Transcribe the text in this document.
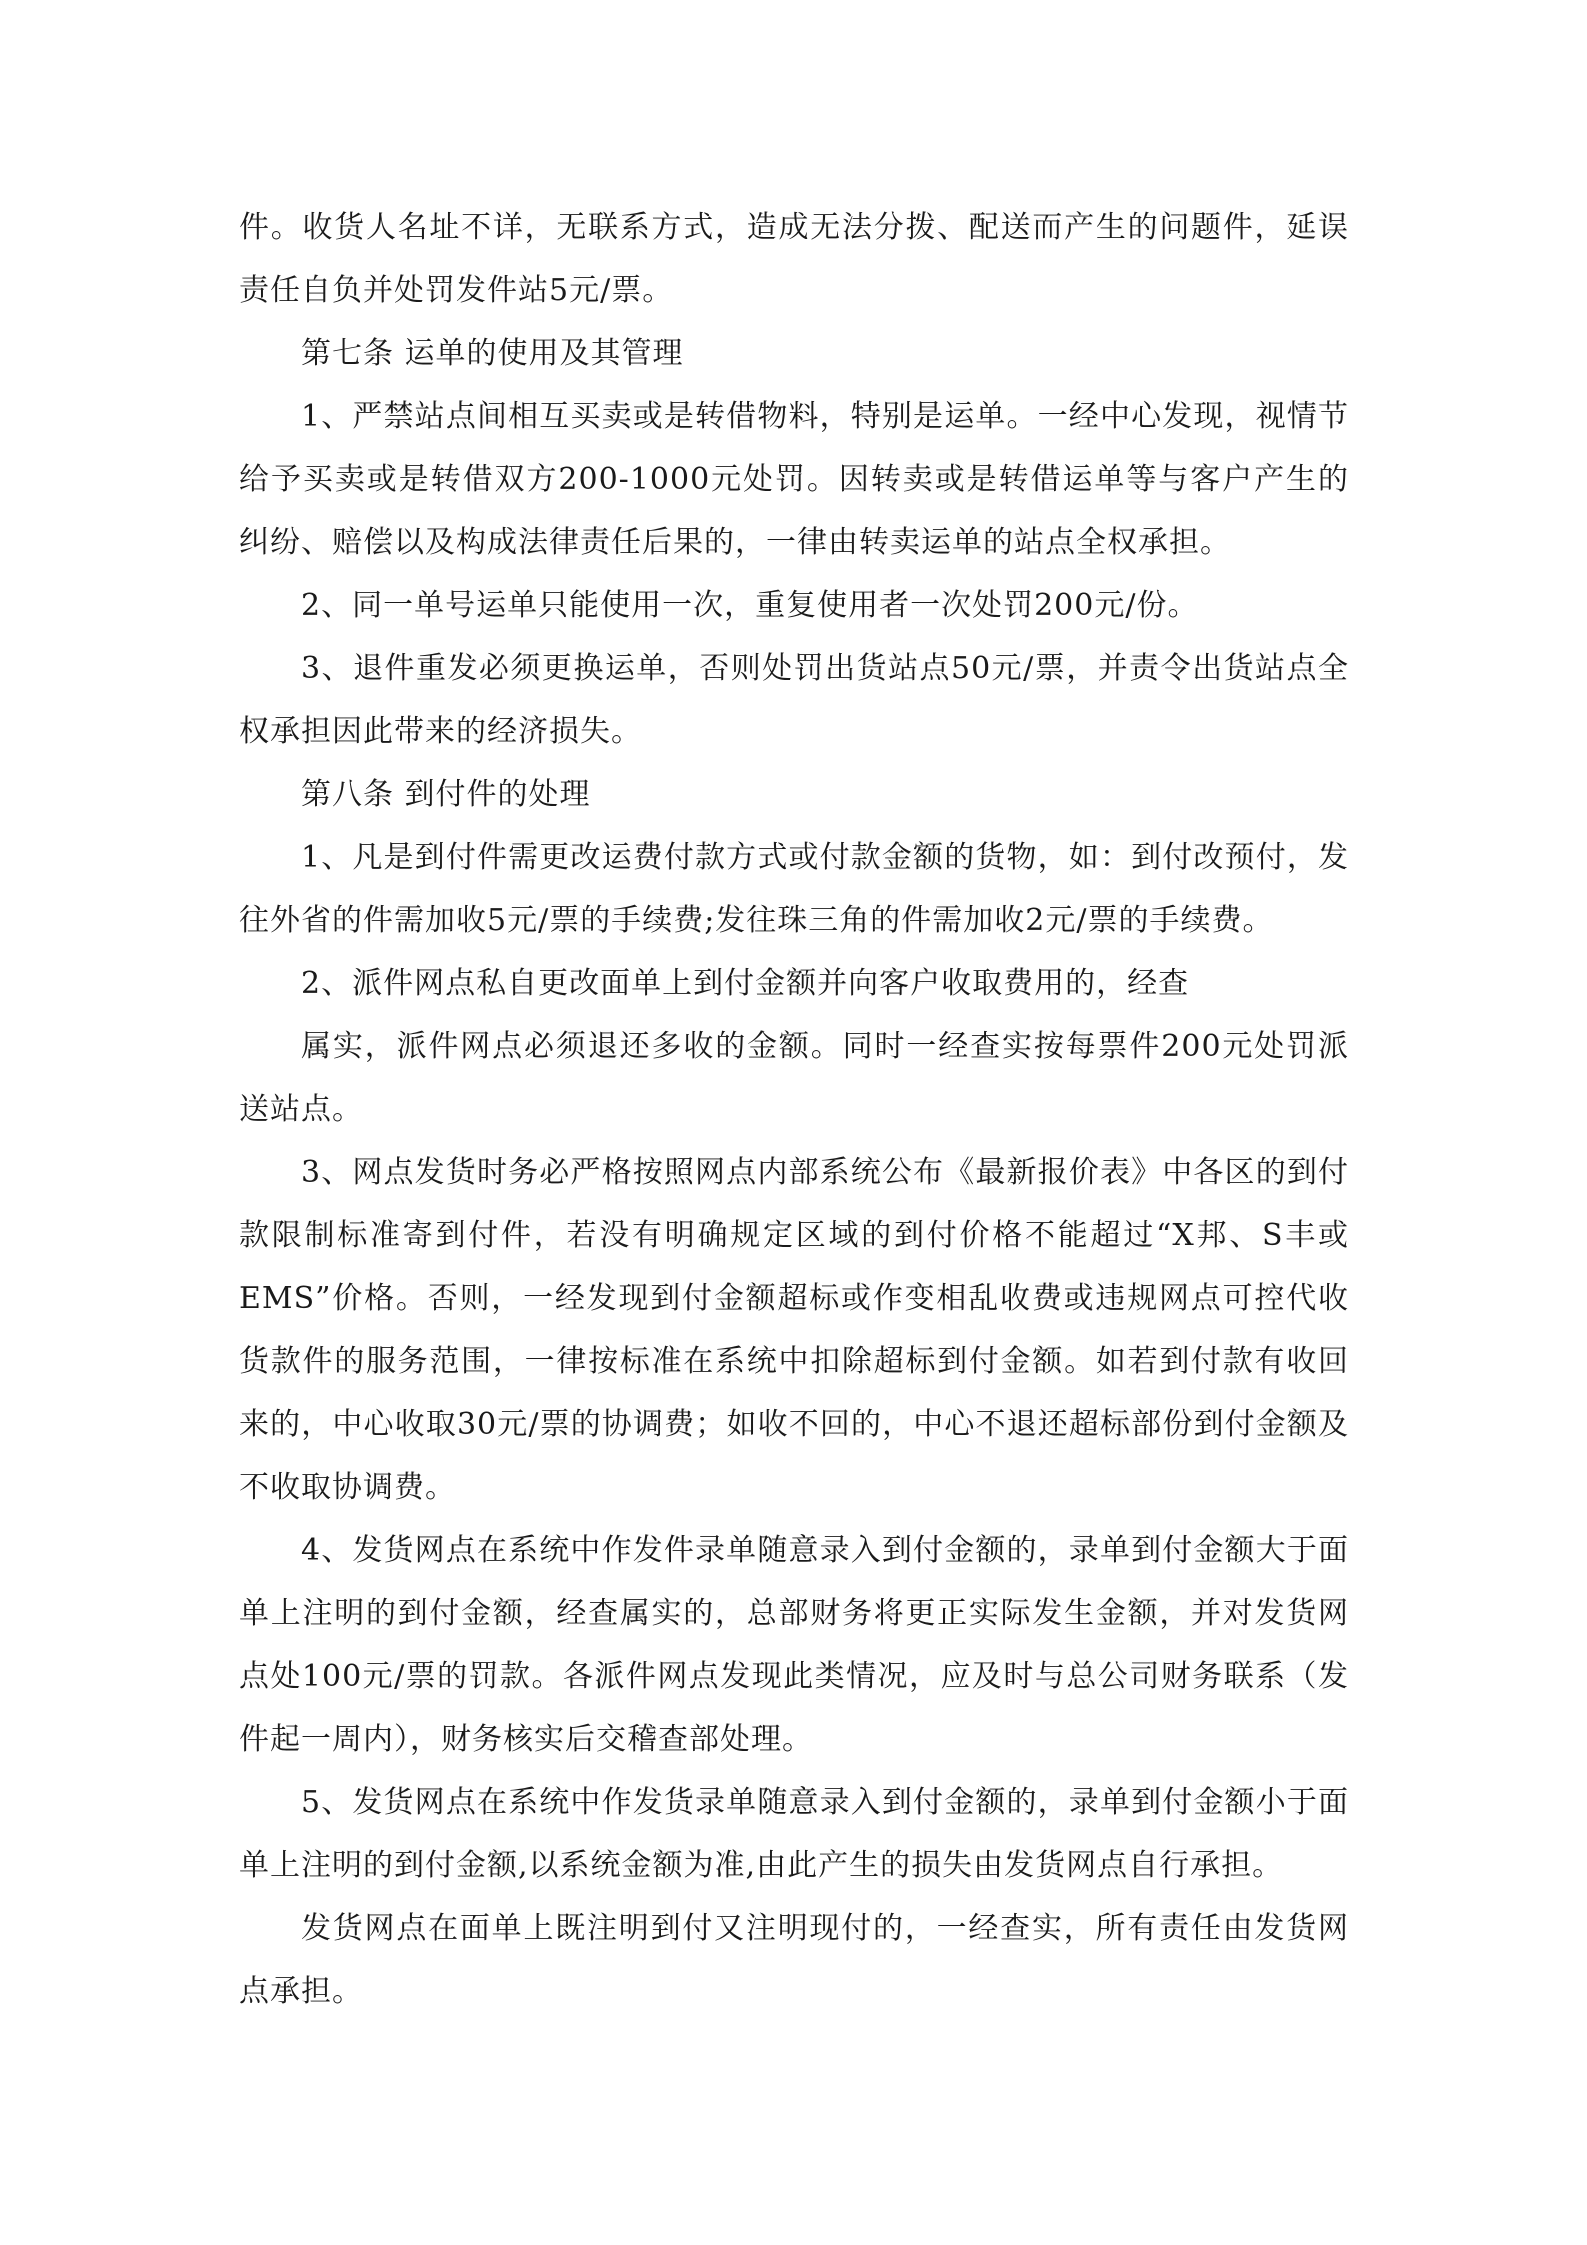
件。收货人名址不详，无联系方式，造成无法分拨、配送而产生的问题件，延误责任自负并处罚发件站5元/票。

第七条 运单的使用及其管理

1、严禁站点间相互买卖或是转借物料，特别是运单。一经中心发现，视情节给予买卖或是转借双方200-1000元处罚。因转卖或是转借运单等与客户产生的纠纷、赔偿以及构成法律责任后果的，一律由转卖运单的站点全权承担。

2、同一单号运单只能使用一次，重复使用者一次处罚200元/份。

3、退件重发必须更换运单，否则处罚出货站点50元/票，并责令出货站点全权承担因此带来的经济损失。

第八条 到付件的处理

1、凡是到付件需更改运费付款方式或付款金额的货物，如：到付改预付，发往外省的件需加收5元/票的手续费;发往珠三角的件需加收2元/票的手续费。

2、派件网点私自更改面单上到付金额并向客户收取费用的，经查

属实，派件网点必须退还多收的金额。同时一经查实按每票件200元处罚派送站点。

3、网点发货时务必严格按照网点内部系统公布《最新报价表》中各区的到付款限制标准寄到付件，若没有明确规定区域的到付价格不能超过“X邦、S丰或EMS”价格。否则，一经发现到付金额超标或作变相乱收费或违规网点可控代收货款件的服务范围，一律按标准在系统中扣除超标到付金额。如若到付款有收回来的，中心收取30元/票的协调费；如收不回的，中心不退还超标部份到付金额及不收取协调费。

4、发货网点在系统中作发件录单随意录入到付金额的，录单到付金额大于面单上注明的到付金额，经查属实的，总部财务将更正实际发生金额，并对发货网点处100元/票的罚款。各派件网点发现此类情况，应及时与总公司财务联系（发件起一周内），财务核实后交稽查部处理。

5、发货网点在系统中作发货录单随意录入到付金额的，录单到付金额小于面单上注明的到付金额,以系统金额为准,由此产生的损失由发货网点自行承担。

发货网点在面单上既注明到付又注明现付的，一经查实，所有责任由发货网点承担。
